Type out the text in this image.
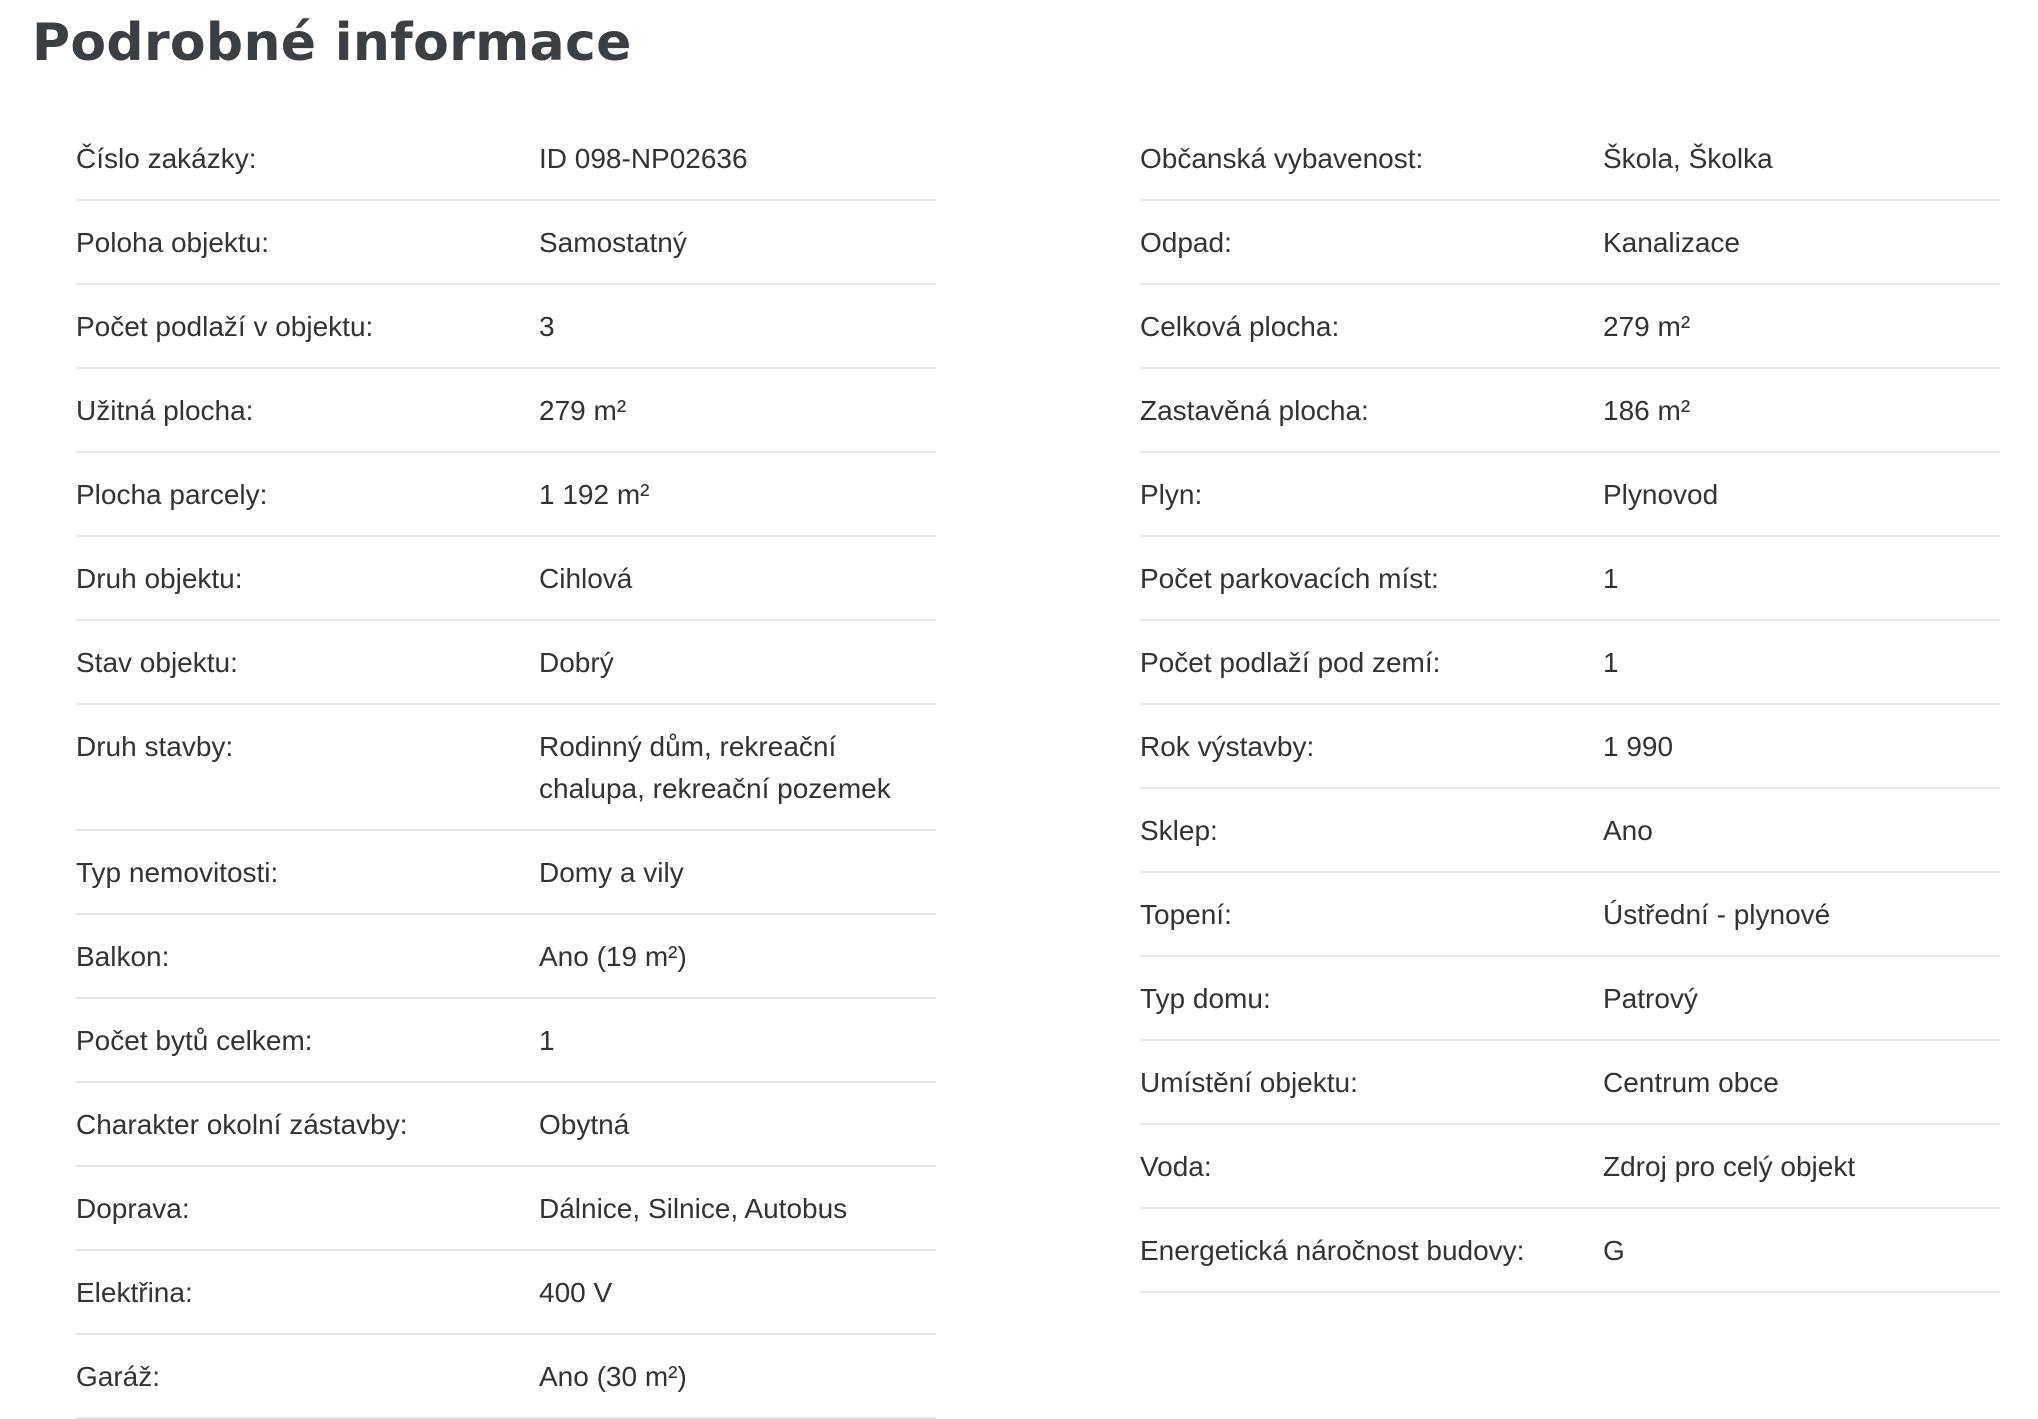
Podrobné informace
Číslo zakázky:	ID 098-NP02636
Poloha objektu:	Samostatný
Počet podlaží v objektu:	3
Užitná plocha:	279 m²
Plocha parcely:	1 192 m²
Druh objektu:	Cihlová
Stav objektu:	Dobrý
Druh stavby:	Rodinný dům, rekreační chalupa, rekreační pozemek
Typ nemovitosti:	Domy a vily
Balkon:	Ano (19 m²)
Počet bytů celkem:	1
Charakter okolní zástavby:	Obytná
Doprava:	Dálnice, Silnice, Autobus
Elektřina:	400 V
Garáž:	Ano (30 m²)
Občanská vybavenost:	Škola, Školka
Odpad:	Kanalizace
Celková plocha:	279 m²
Zastavěná plocha:	186 m²
Plyn:	Plynovod
Počet parkovacích míst:	1
Počet podlaží pod zemí:	1
Rok výstavby:	1 990
Sklep:	Ano
Topení:	Ústřední - plynové
Typ domu:	Patrový
Umístění objektu:	Centrum obce
Voda:	Zdroj pro celý objekt
Energetická náročnost budovy:	G
